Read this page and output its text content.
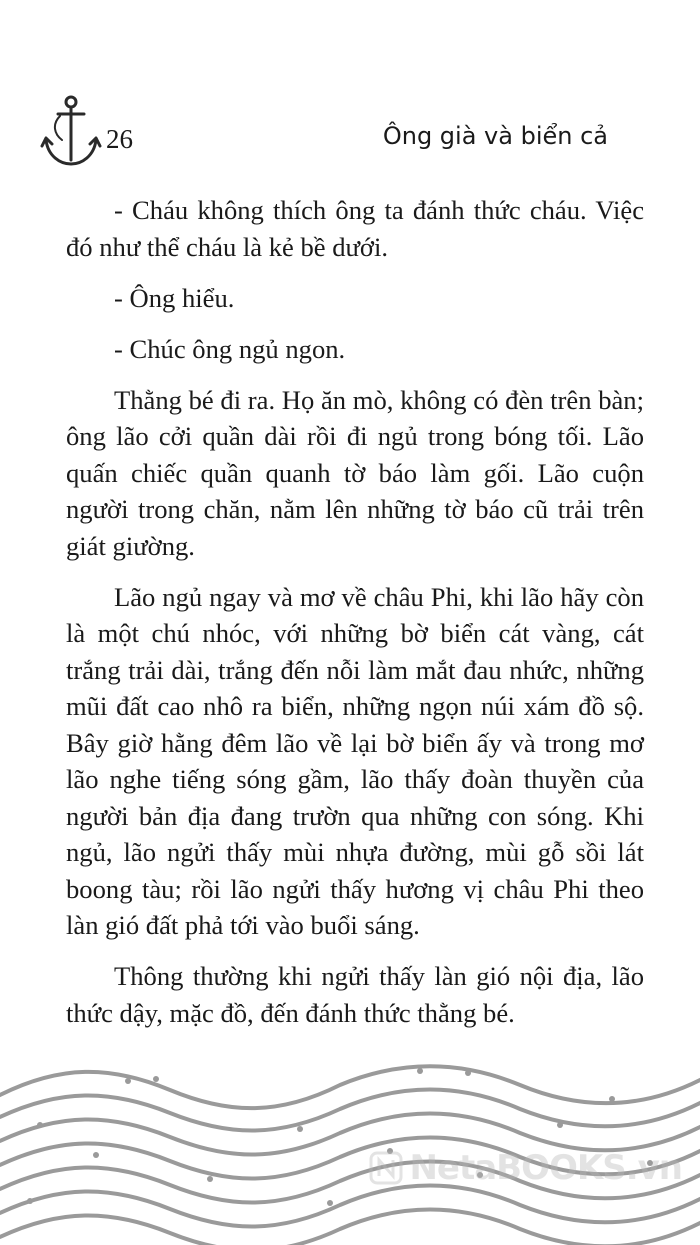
26	Ông già và biển cả

- Cháu không thích ông ta đánh thức cháu. Việc đó như thể cháu là kẻ bề dưới.

- Ông hiểu.

- Chúc ông ngủ ngon.

Thằng bé đi ra. Họ ăn mò, không có đèn trên bàn; ông lão cởi quần dài rồi đi ngủ trong bóng tối. Lão quấn chiếc quần quanh tờ báo làm gối. Lão cuộn người trong chăn, nằm lên những tờ báo cũ trải trên giát giường.

Lão ngủ ngay và mơ về châu Phi, khi lão hãy còn là một chú nhóc, với những bờ biển cát vàng, cát trắng trải dài, trắng đến nỗi làm mắt đau nhức, những mũi đất cao nhô ra biển, những ngọn núi xám đồ sộ. Bây giờ hằng đêm lão về lại bờ biển ấy và trong mơ lão nghe tiếng sóng gầm, lão thấy đoàn thuyền của người bản địa đang trườn qua những con sóng. Khi ngủ, lão ngửi thấy mùi nhựa đường, mùi gỗ sồi lát boong tàu; rồi lão ngửi thấy hương vị châu Phi theo làn gió đất phả tới vào buổi sáng.

Thông thường khi ngửi thấy làn gió nội địa, lão thức dậy, mặc đồ, đến đánh thức thằng bé.

NetaBOOKS.vn
